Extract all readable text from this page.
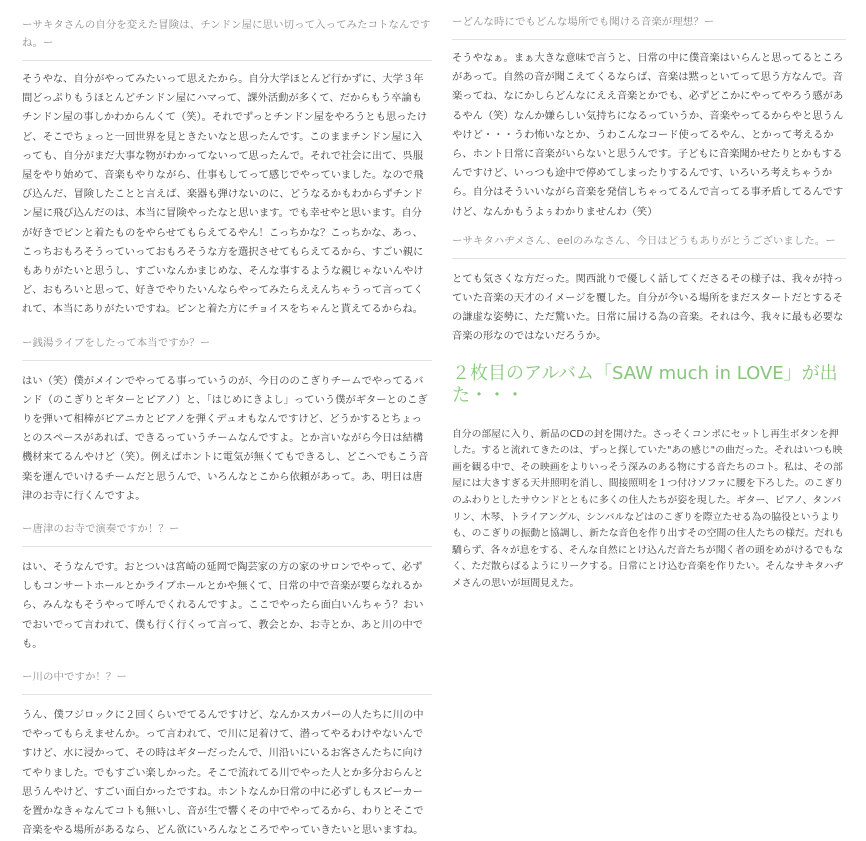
ーサキタさんの自分を変えた冒険は、チンドン屋に思い切って入ってみたコトなんですね。ー

そうやな、自分がやってみたいって思えたから。自分大学ほとんど行かずに、大学３年間どっぷりもうほとんどチンドン屋にハマって、課外活動が多くて、だからもう卒論もチンドン屋の事しかわからんくて（笑）。それでずっとチンドン屋をやろうとも思ったけど、そこでちょっと一回世界を見ときたいなと思ったんです。このままチンドン屋に入っても、自分がまだ大事な物がわかってないって思ったんで。それで社会に出て、呉服屋をやり始めて、音楽もやりながら、仕事もしてって感じでやっていました。なので飛び込んだ、冒険したことと言えば、楽器も弾けないのに、どうなるかもわからずチンドン屋に飛び込んだのは、本当に冒険やったなと思います。でも幸せやと思います。自分が好きでピンと着たものをやらせてもらえてるやん！こっちかな？こっちかな、あっ、こっちおもろそうっていっておもろそうな方を選択させてもらえてるから、すごい親にもありがたいと思うし、すごいなんかまじめな、そんな事するような親じゃないんやけど、おもろいと思って、好きでやりたいんならやってみたらええんちゃうって言ってくれて、本当にありがたいですね。ピンと着た方にチョイスをちゃんと貰えてるからね。

ー銭湯ライブをしたって本当ですか？ー

はい（笑）僕がメインでやってる事っていうのが、今日ののこぎりチームでやってるバンド（のこぎりとギターとピアノ）と、「はじめにきよし」っていう僕がギターとのこぎりを弾いて相棒がピアニカとピアノを弾くデュオもなんですけど、どうかするとちょっとのスペースがあれば、できるっていうチームなんですよ。とか言いながら今日は結構機材来てるんやけど（笑）。例えばホントに電気が無くてもできるし、どこへでもこう音楽を運んでいけるチームだと思うんで、いろんなとこから依頼があって。あ、明日は唐津のお寺に行くんですよ。

ー唐津のお寺で演奏ですか！？ー

はい、そうなんです。おとついは宮崎の延岡で陶芸家の方の家のサロンでやって、必ずしもコンサートホールとかライブホールとかや無くて、日常の中で音楽が要らなれるから、みんなもそうやって呼んでくれるんですよ。ここでやったら面白いんちゃう？おいでおいでって言われて、僕も行く行くって言って、教会とか、お寺とか、あと川の中でも。

ー川の中ですか！？ー

うん、僕フジロックに２回くらいでてるんですけど、なんかスカパーの人たちに川の中でやってもらえませんか。って言われて、で川に足着けて、潜ってやるわけやないんですけど、水に浸かって、その時はギターだったんで、川沿いにいるお客さんたちに向けてやりました。でもすごい楽しかった。そこで流れてる川でやった人とか多分おらんと思うんやけど、すごい面白かったですね。ホントなんか日常の中に必ずしもスピーカーを置かなきゃなんてコトも無いし、音が生で響くその中でやってるから、わりとそこで音楽をやる場所があるなら、どん欲にいろんなところでやっていきたいと思いますね。

ーどんな時にでもどんな場所でも聞ける音楽が理想？ー

そうやなぁ。まぁ大きな意味で言うと、日常の中に僕音楽はいらんと思ってるところがあって。自然の音が聞こえてくるならば、音楽は黙っといてって思う方なんで。音楽ってね、なにかしらどんなにええ音楽とかでも、必ずどこかにやってやろう感があるやん（笑）なんか嫌らしい気持ちになるっていうか、音楽やってるからやと思うんやけど・・・うわ怖いなとか、うわこんなコード使ってるやん、とかって考えるから、ホント日常に音楽がいらないと思うんです。子どもに音楽聞かせたりとかもするんですけど、いっつも途中で停めてしまったりするんです、いろいろ考えちゃうから。自分はそういいながら音楽を発信しちゃってるんで言ってる事矛盾してるんですけど、なんかもうよぅわかりませんわ（笑）

ーサキタハヂメさん、eelのみなさん、今日はどうもありがとうございました。ー

とても気さくな方だった。関西訛りで優しく話してくださるその様子は、我々が持っていた音楽の天才のイメージを覆した。自分が今いる場所をまだスタートだとするその謙虚な姿勢に、ただ驚いた。日常に届ける為の音楽。それは今、我々に最も必要な音楽の形なのではないだろうか。

２枚目のアルバム「SAW much in LOVE」が出た・・・

自分の部屋に入り、新品のCDの封を開けた。さっそくコンポにセットし再生ボタンを押した。すると流れてきたのは、ずっと探していた"あの感じ"の曲だった。それはいつも映画を観る中で、その映画をよりいっそう深みのある物にする音たちのコト。私は、その部屋には大きすぎる天井照明を消し、間接照明を１つ付けソファに腰を下ろした。のこぎりのふわりとしたサウンドとともに多くの住人たちが姿を現した。ギター、ピアノ、タンバリン、木琴、トライアングル、シンバルなどはのこぎりを際立たせる為の脇役というよりも、のこぎりの振動と協調し、新たな音色を作り出すその空間の住人たちの様だ。だれも驕らず、各々が息をする、そんな自然にとけ込んだ音たちが聞く者の頭をめがけるでもなく、ただ散らばるようにリークする。日常にとけ込む音楽を作りたい。そんなサキタハヂメさんの思いが垣間見えた。
